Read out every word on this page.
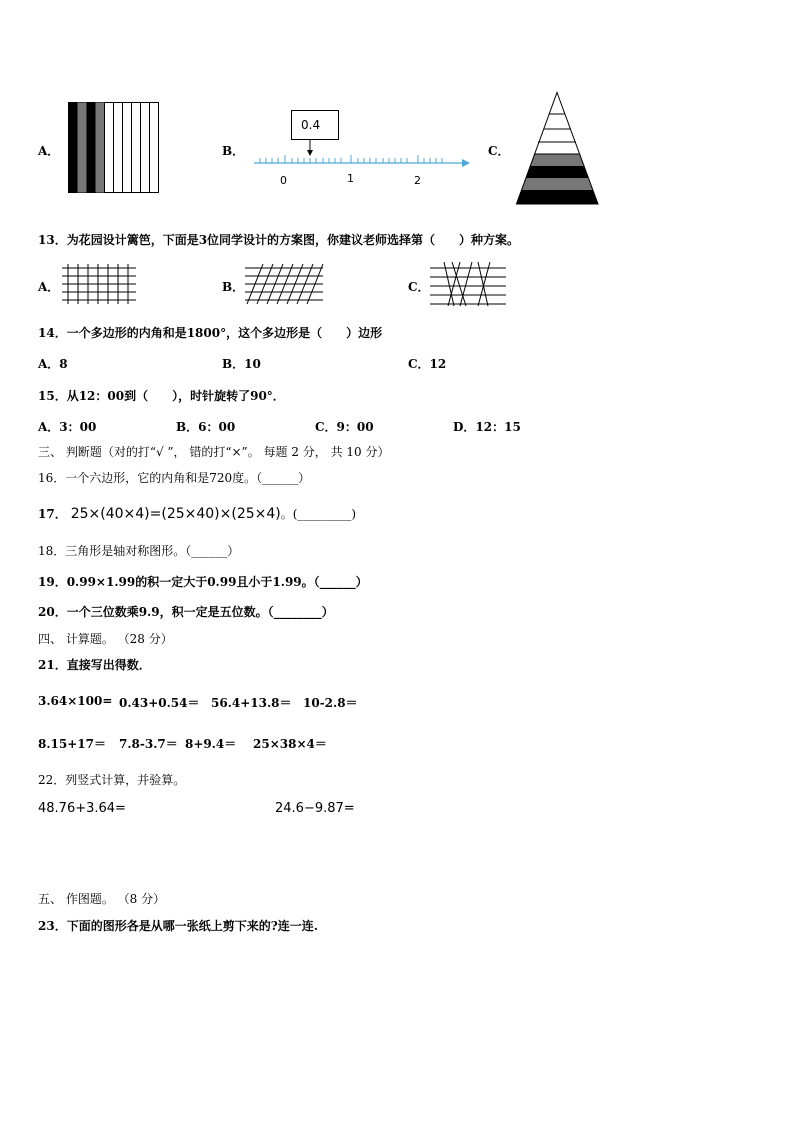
A．	B．
0.4
0	1	2
C．
13．为花园设计篱笆，下面是3位同学设计的方案图，你建议老师选择第（　　）种方案。
A．	B．	C．
14．一个多边形的内角和是1800°，这个多边形是（　　）边形
A．8	B．10	C．12
15．从12：00到（　　），时针旋转了90°．
A．3：00	B．6：00	C．9：00	D．12：15
三、 判断题（对的打“√ ”， 错的打“×”。 每题 2 分， 共 10 分）
16．一个六边形，它的内角和是720度。（______）
17． 25×(40×4)=(25×40)×(25×4)。(_________)
18．三角形是轴对称图形。（______）
19．0.99×1.99的积一定大于0.99且小于1.99。（______）
20．一个三位数乘9.9，积一定是五位数。（________）
四、 计算题。 （28 分）
21．直接写出得数．
3.64×100= 0.43+0.54＝ 56.4+13.8＝ 10-2.8＝
8.15+17＝ 7.8-3.7＝ 8+9.4＝ 25×38×4＝
22．列竖式计算，并验算。
48.76+3.64=	24.6−9.87=
五、 作图题。 （8 分）
23．下面的图形各是从哪一张纸上剪下来的?连一连.
